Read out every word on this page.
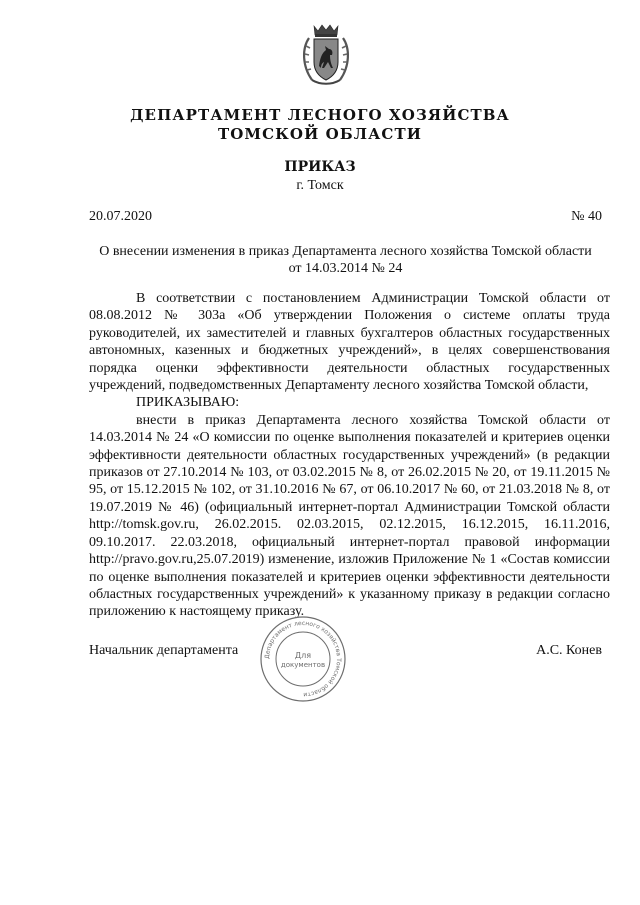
ДЕПАРТАМЕНТ ЛЕСНОГО ХОЗЯЙСТВА
ТОМСКОЙ ОБЛАСТИ
ПРИКАЗ
г. Томск
20.07.2020	№ 40
О внесении изменения в приказ Департамента лесного хозяйства Томской области
от 14.03.2014 № 24

В соответствии с постановлением Администрации Томской области от 08.08.2012 № 303а «Об утверждении Положения о системе оплаты труда руководителей, их заместителей и главных бухгалтеров областных государственных автономных, казенных и бюджетных учреждений», в целях совершенствования порядка оценки эффективности деятельности областных государственных учреждений, подведомственных Департаменту лесного хозяйства Томской области,

ПРИКАЗЫВАЮ:

внести в приказ Департамента лесного хозяйства Томской области от 14.03.2014 № 24 «О комиссии по оценке выполнения показателей и критериев оценки эффективности деятельности областных государственных учреждений» (в редакции приказов от 27.10.2014 № 103, от 03.02.2015 № 8, от 26.02.2015 № 20, от 19.11.2015 № 95, от 15.12.2015 № 102, от 31.10.2016 № 67, от 06.10.2017 № 60, от 21.03.2018 № 8, от 19.07.2019 № 46) (официальный интернет-портал Администрации Томской области http://tomsk.gov.ru, 26.02.2015. 02.03.2015, 02.12.2015, 16.12.2015, 16.11.2016, 09.10.2017. 22.03.2018, официальный интернет-портал правовой информации http://pravo.gov.ru,25.07.2019) изменение, изложив Приложение № 1 «Состав комиссии по оценке выполнения показателей и критериев оценки эффективности деятельности областных государственных учреждений» к указанному приказу в редакции согласно приложению к настоящему приказу.

Начальник департамента	Департамент лесного хозяйства Томской области
Для
документов
А.С. Конев
